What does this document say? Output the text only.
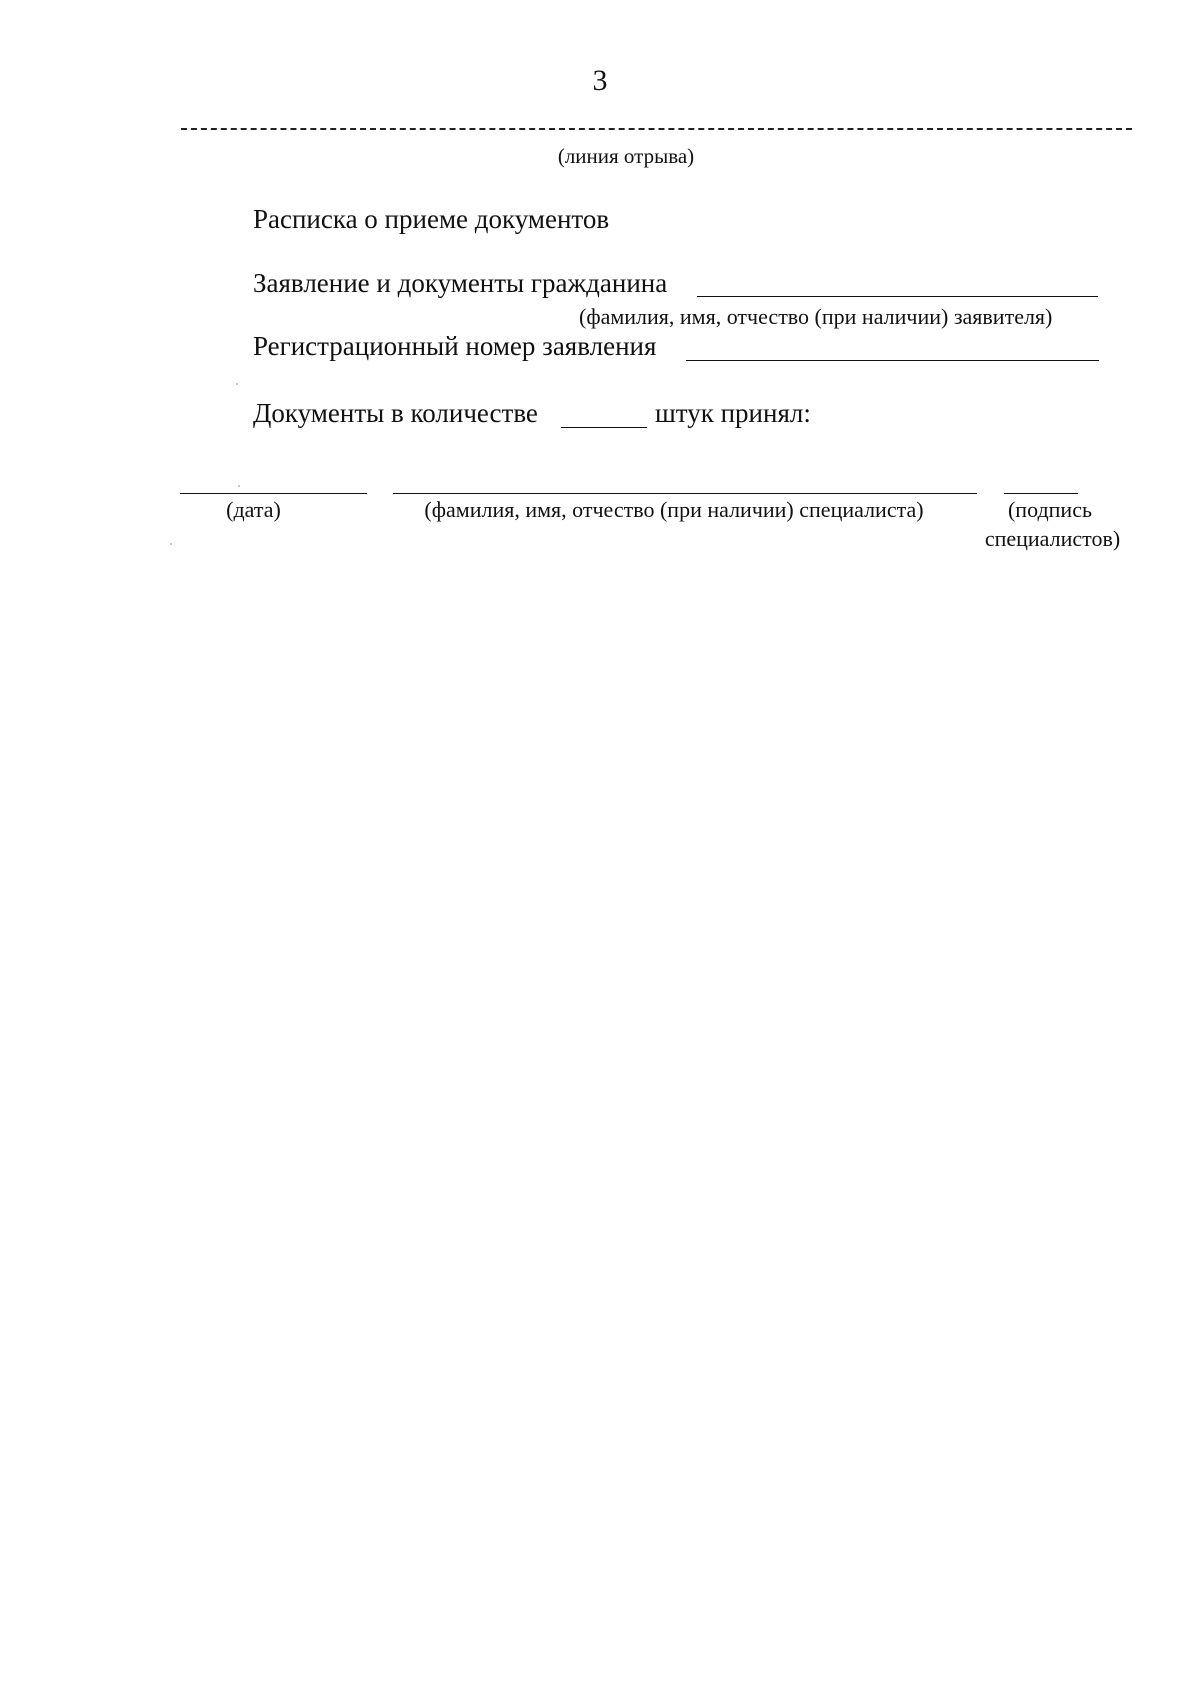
3
(линия отрыва)
Расписка о приеме документов
Заявление и документы гражданина
(фамилия, имя, отчество (при наличии) заявителя)
Регистрационный номер заявления
Документы в количестве	штук принял:
(дата)	(фамилия, имя, отчество (при наличии) специалиста)	(подпись
специалистов)
